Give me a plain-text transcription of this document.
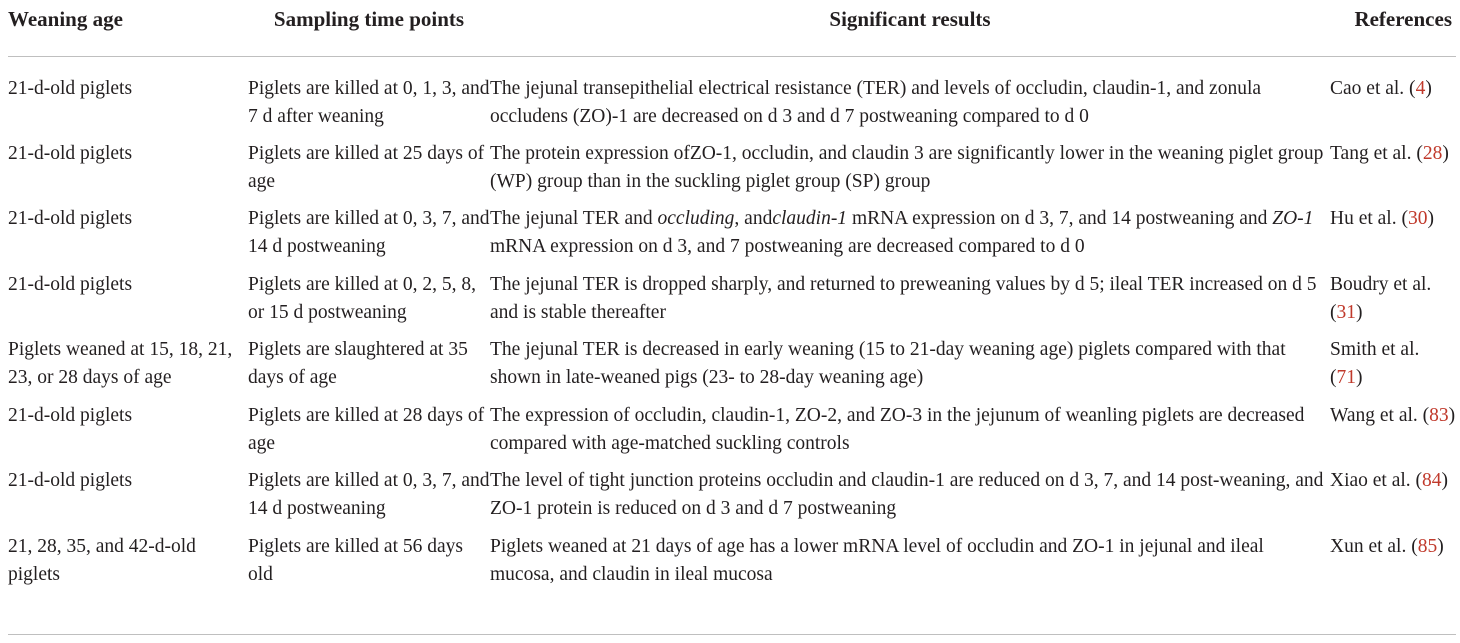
Weaning age	Sampling time points	Significant results	References
21-d-old piglets	Piglets are killed at 0, 1, 3, and 7 d after weaning	The jejunal transepithelial electrical resistance (TER) and levels of occludin, claudin-1, and zonula occludens (ZO)-1 are decreased on d 3 and d 7 postweaning compared to d 0	Cao et al. (4)
21-d-old piglets	Piglets are killed at 25 days of age	The protein expression ofZO-1, occludin, and claudin 3 are significantly lower in the weaning piglet group (WP) group than in the suckling piglet group (SP) group	Tang et al. (28)
21-d-old piglets	Piglets are killed at 0, 3, 7, and 14 d postweaning	The jejunal TER and occluding, andclaudin-1 mRNA expression on d 3, 7, and 14 postweaning and ZO-1 mRNA expression on d 3, and 7 postweaning are decreased compared to d 0	Hu et al. (30)
21-d-old piglets	Piglets are killed at 0, 2, 5, 8, or 15 d postweaning	The jejunal TER is dropped sharply, and returned to preweaning values by d 5; ileal TER increased on d 5 and is stable thereafter	Boudry et al. (31)
Piglets weaned at 15, 18, 21, 23, or 28 days of age	Piglets are slaughtered at 35 days of age	The jejunal TER is decreased in early weaning (15 to 21-day weaning age) piglets compared with that shown in late-weaned pigs (23- to 28-day weaning age)	Smith et al. (71)
21-d-old piglets	Piglets are killed at 28 days of age	The expression of occludin, claudin-1, ZO-2, and ZO-3 in the jejunum of weanling piglets are decreased compared with age-matched suckling controls	Wang et al. (83)
21-d-old piglets	Piglets are killed at 0, 3, 7, and 14 d postweaning	The level of tight junction proteins occludin and claudin-1 are reduced on d 3, 7, and 14 post-weaning, and ZO-1 protein is reduced on d 3 and d 7 postweaning	Xiao et al. (84)
21, 28, 35, and 42-d-old piglets	Piglets are killed at 56 days old	Piglets weaned at 21 days of age has a lower mRNA level of occludin and ZO-1 in jejunal and ileal mucosa, and claudin in ileal mucosa	Xun et al. (85)
